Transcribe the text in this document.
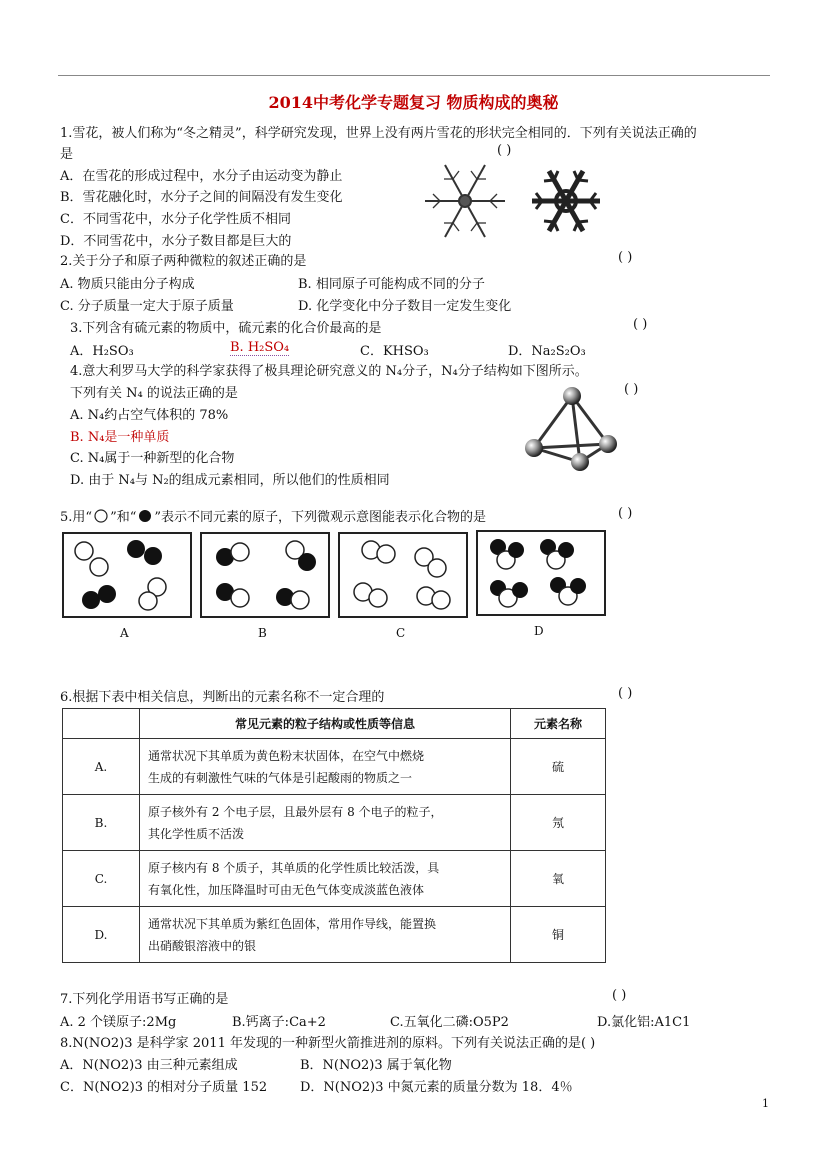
2014中考化学专题复习 物质构成的奥秘
1.雪花，被人们称为“冬之精灵”，科学研究发现，世界上没有两片雪花的形状完全相同的．下列有关说法正确的
是	( )
A．在雪花的形成过程中，水分子由运动变为静止
B．雪花融化时，水分子之间的间隔没有发生变化
C．不同雪花中，水分子化学性质不相同
D．不同雪花中，水分子数目都是巨大的
2.关于分子和原子两种微粒的叙述正确的是	( )
A. 物质只能由分子构成	B. 相同原子可能构成不同的分子
C. 分子质量一定大于原子质量	D. 化学变化中分子数目一定发生变化
3.下列含有硫元素的物质中，硫元素的化合价最高的是	( )
A．H₂SO₃	B. H₂SO₄	C．KHSO₃	D．Na₂S₂O₃
4.意大利罗马大学的科学家获得了极具理论研究意义的 N₄分子，N₄分子结构如下图所示。
下列有关 N₄ 的说法正确的是	( )
A. N₄约占空气体积的 78%
B. N₄是一种单质
C. N₄属于一种新型的化合物
D. 由于 N₄与 N₂的组成元素相同，所以他们的性质相同
5.用“ ”和“ ”表示不同元素的原子，下列微观示意图能表示化合物的是	( )
A	B	C	D
6.根据下表中相关信息，判断出的元素名称不一定合理的	( )
	常见元素的粒子结构或性质等信息	元素名称
A.	通常状况下其单质为黄色粉末状固体，在空气中燃烧
生成的有刺激性气味的气体是引起酸雨的物质之一	硫
B.	原子核外有 2 个电子层，且最外层有 8 个电子的粒子，
其化学性质不活泼	氖
C.	原子核内有 8 个质子，其单质的化学性质比较活泼，具
有氧化性，加压降温时可由无色气体变成淡蓝色液体	氧
D.	通常状况下其单质为紫红色固体，常用作导线，能置换
出硝酸银溶液中的银	铜
7.下列化学用语书写正确的是	( )
A. 2 个镁原子:2Mg	B.钙离子:Ca+2	C.五氧化二磷:O5P2	D.氯化铝:A1C1
8.N(NO2)3 是科学家 2011 年发现的一种新型火箭推进剂的原料。下列有关说法正确的是( )
A．N(NO2)3 由三种元素组成	B．N(NO2)3 属于氧化物
C．N(NO2)3 的相对分子质量 152	D．N(NO2)3 中氮元素的质量分数为 18．4％
1
